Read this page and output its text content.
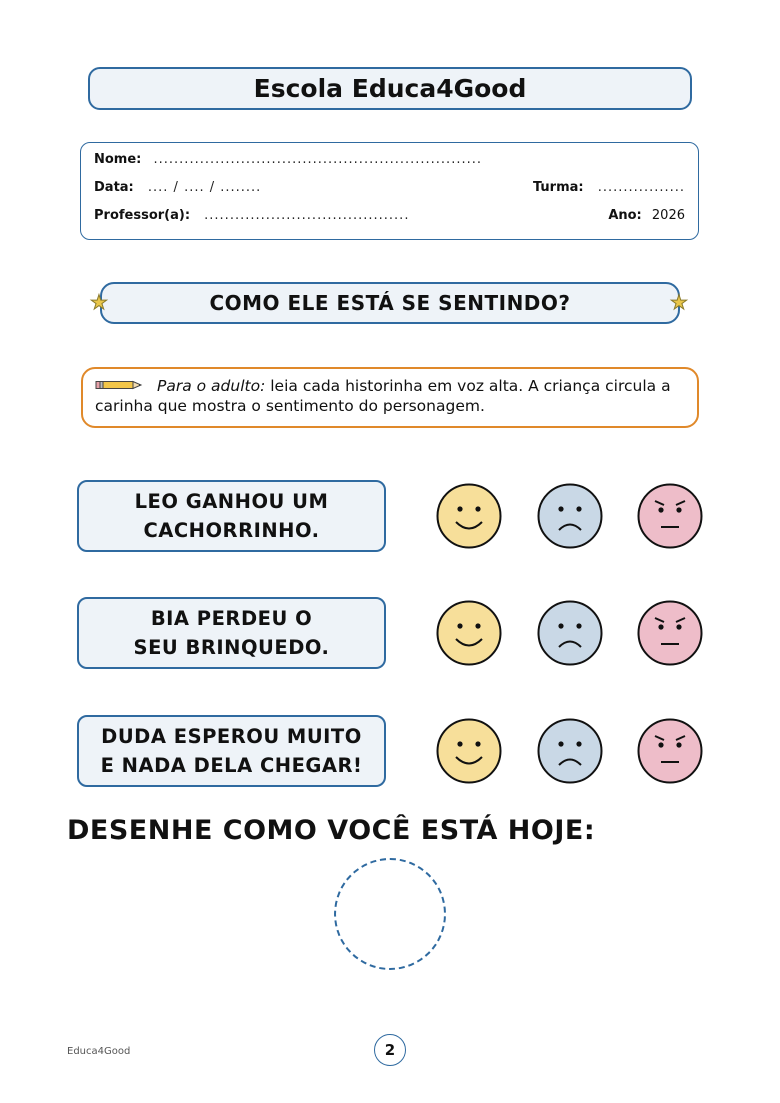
Escola Educa4Good
Nome: ................................................................
Data: .... / .... / ........	Turma: .................
Professor(a): ........................................	Ano: 2026
COMO ELE ESTÁ SE SENTINDO?
★	★
Para o adulto: leia cada historinha em voz alta. A criança circula a carinha que mostra o sentimento do personagem.
LEO GANHOU UM
CACHORRINHO.
BIA PERDEU O
SEU BRINQUEDO.
DUDA ESPEROU MUITO
E NADA DELA CHEGAR!
DESENHE COMO VOCÊ ESTÁ HOJE:
Educa4Good	2
